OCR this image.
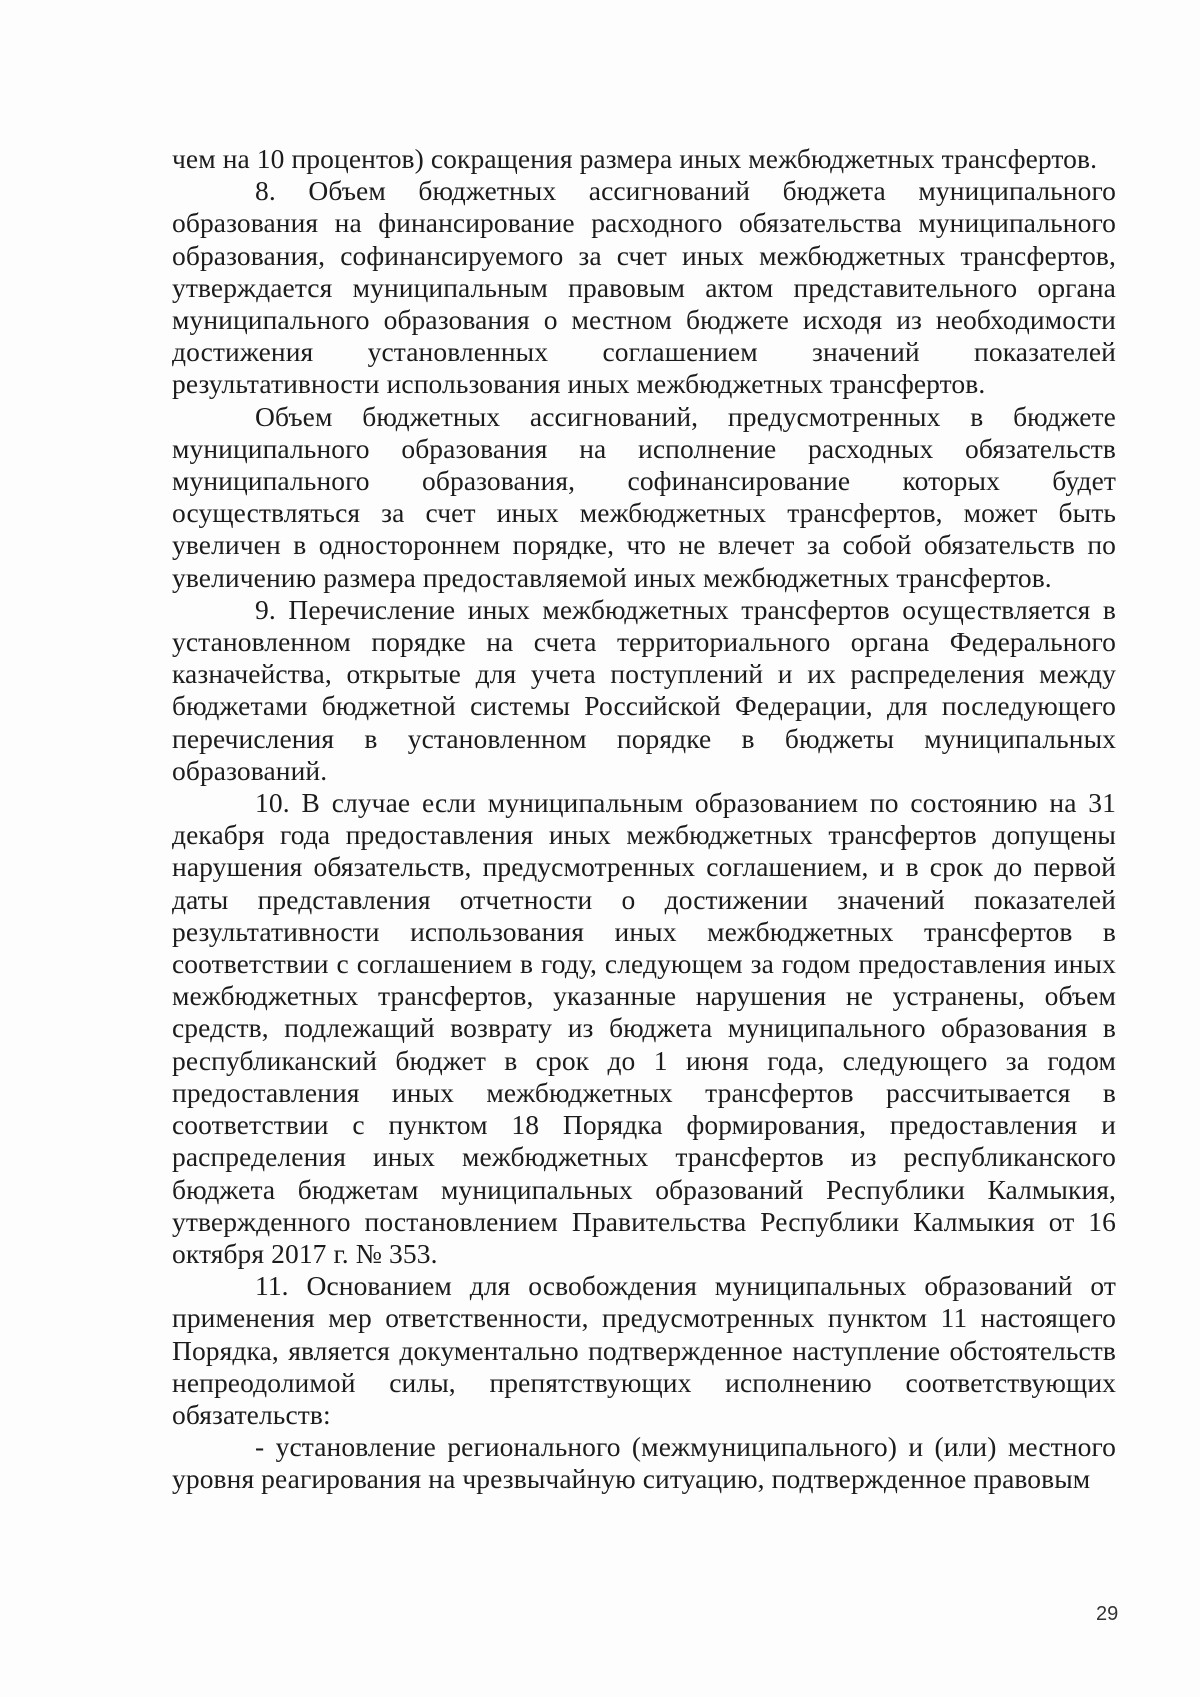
чем на 10 процентов) сокращения размера иных межбюджетных трансфертов.

8. Объем бюджетных ассигнований бюджета муниципального образования на финансирование расходного обязательства муниципального образования, софинансируемого за счет иных межбюджетных трансфертов, утверждается муниципальным правовым актом представительного органа муниципального образования о местном бюджете исходя из необходимости достижения установленных соглашением значений показателей результативности использования иных межбюджетных трансфертов.

Объем бюджетных ассигнований, предусмотренных в бюджете муниципального образования на исполнение расходных обязательств муниципального образования, софинансирование которых будет осуществляться за счет иных межбюджетных трансфертов, может быть увеличен в одностороннем порядке, что не влечет за собой обязательств по увеличению размера предоставляемой иных межбюджетных трансфертов.

9. Перечисление иных межбюджетных трансфертов осуществляется в установленном порядке на счета территориального органа Федерального казначейства, открытые для учета поступлений и их распределения между бюджетами бюджетной системы Российской Федерации, для последующего перечисления в установленном порядке в бюджеты муниципальных образований.

10. В случае если муниципальным образованием по состоянию на 31 декабря года предоставления иных межбюджетных трансфертов допущены нарушения обязательств, предусмотренных соглашением, и в срок до первой даты представления отчетности о достижении значений показателей результативности использования иных межбюджетных трансфертов в соответствии с соглашением в году, следующем за годом предоставления иных межбюджетных трансфертов, указанные нарушения не устранены, объем средств, подлежащий возврату из бюджета муниципального образования в республиканский бюджет в срок до 1 июня года, следующего за годом предоставления иных межбюджетных трансфертов рассчитывается в соответствии с пунктом 18 Порядка формирования, предоставления и распределения иных межбюджетных трансфертов из республиканского бюджета бюджетам муниципальных образований Республики Калмыкия, утвержденного постановлением Правительства Республики Калмыкия от 16 октября 2017 г. № 353.

11. Основанием для освобождения муниципальных образований от применения мер ответственности, предусмотренных пунктом 11 настоящего Порядка, является документально подтвержденное наступление обстоятельств непреодолимой силы, препятствующих исполнению соответствующих обязательств:

- установление регионального (межмуниципального) и (или) местного уровня реагирования на чрезвычайную ситуацию, подтвержденное правовым

29
